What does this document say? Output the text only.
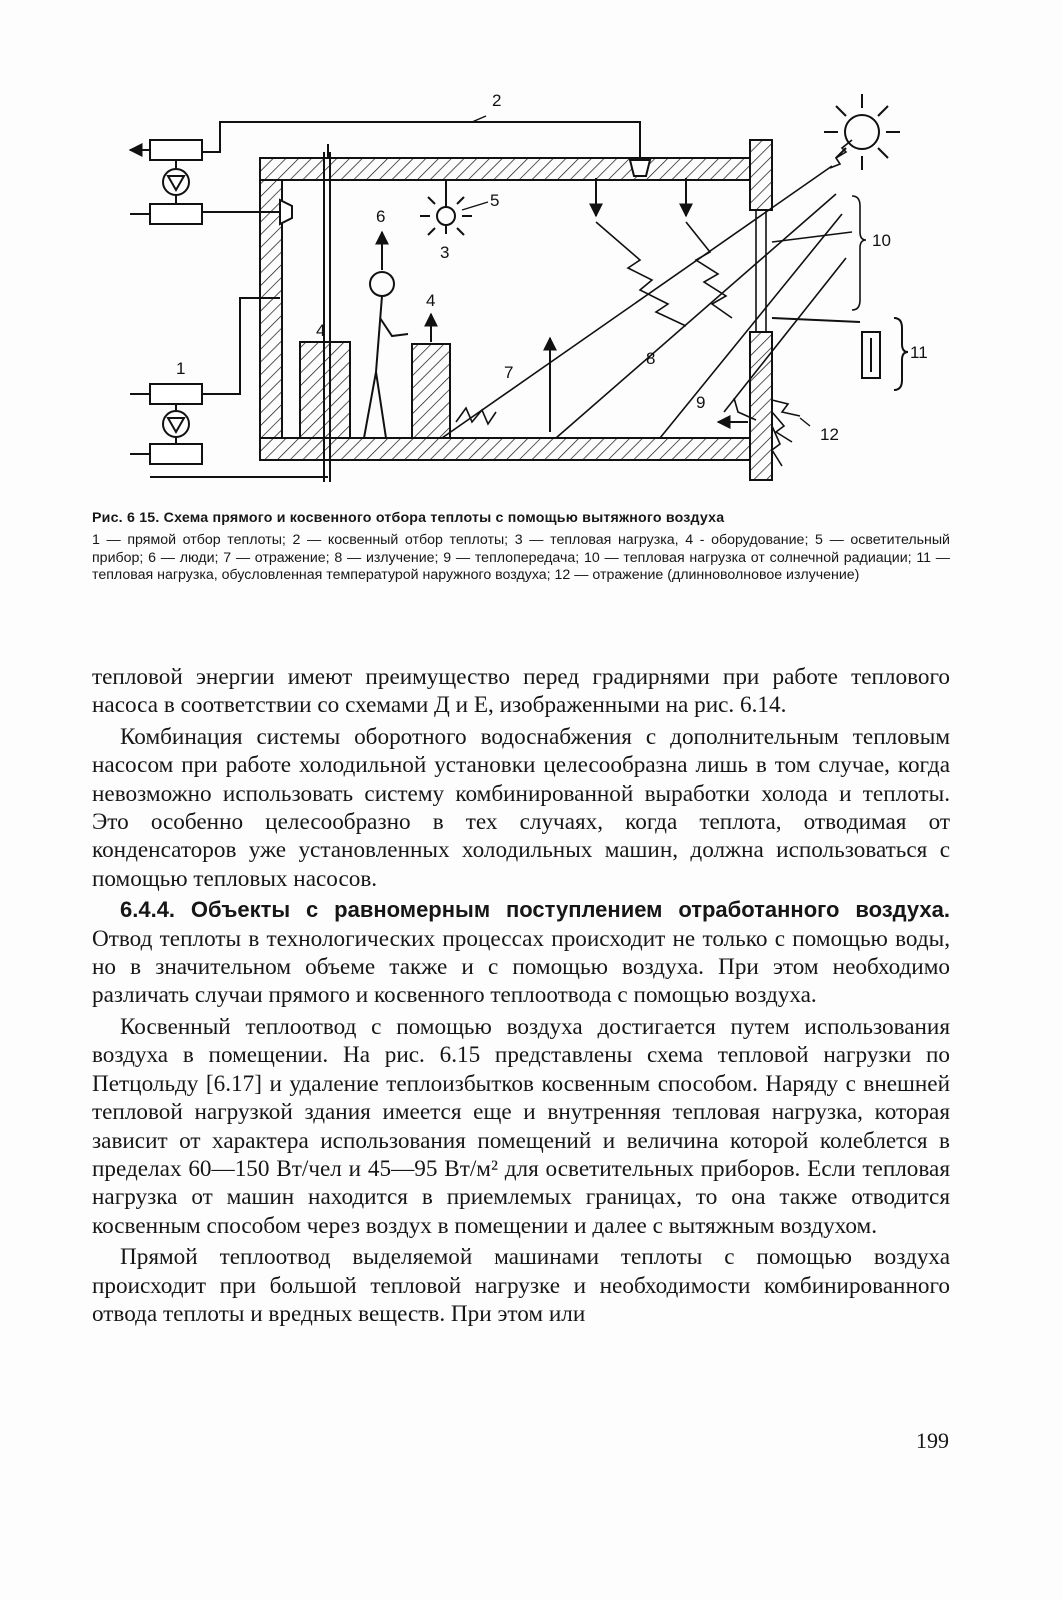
2
5
6
3
4
4
1	7
8
9
10
11
12
Рис. 6 15. Схема прямого и косвенного отбора теплоты с помощью вытяжного воздуха
1 — прямой отбор теплоты; 2 — косвенный отбор теплоты; 3 — тепловая нагрузка, 4 - оборудование; 5 — осветительный прибор; 6 — люди; 7 — отражение; 8 — излучение; 9 — теплопередача; 10 — тепловая нагрузка от солнечной радиации; 11 — тепловая нагрузка, обусловленная температурой наружного воздуха; 12 — отражение (длинноволновое излучение)

тепловой энергии имеют преимущество перед градирнями при работе теплового насоса в соответствии со схемами Д и Е, изображенными на рис. 6.14.

Комбинация системы оборотного водоснабжения с дополнительным тепловым насосом при работе холодильной установки целесообразна лишь в том случае, когда невозможно использовать систему комбинированной выработки холода и теплоты. Это особенно целесообразно в тех случаях, когда теплота, отводимая от конденсаторов уже установленных холодильных машин, должна использоваться с помощью тепловых насосов.

6.4.4. Объекты с равномерным поступлением отработанного воздуха. Отвод теплоты в технологических процессах происходит не только с помощью воды, но в значительном объеме также и с помощью воздуха. При этом необходимо различать случаи прямого и косвенного теплоотвода с помощью воздуха.

Косвенный теплоотвод с помощью воздуха достигается путем использования воздуха в помещении. На рис. 6.15 представлены схема тепловой нагрузки по Петцольду [6.17] и удаление теплоизбытков косвенным способом. Наряду с внешней тепловой нагрузкой здания имеется еще и внутренняя тепловая нагрузка, которая зависит от характера использования помещений и величина которой колеблется в пределах 60—150 Вт/чел и 45—95 Вт/м² для осветительных приборов. Если тепловая нагрузка от машин находится в приемлемых границах, то она также отводится косвенным способом через воздух в помещении и далее с вытяжным воздухом.

Прямой теплоотвод выделяемой машинами теплоты с помощью воздуха происходит при большой тепловой нагрузке и необходимости комбинированного отвода теплоты и вредных веществ. При этом или

199
